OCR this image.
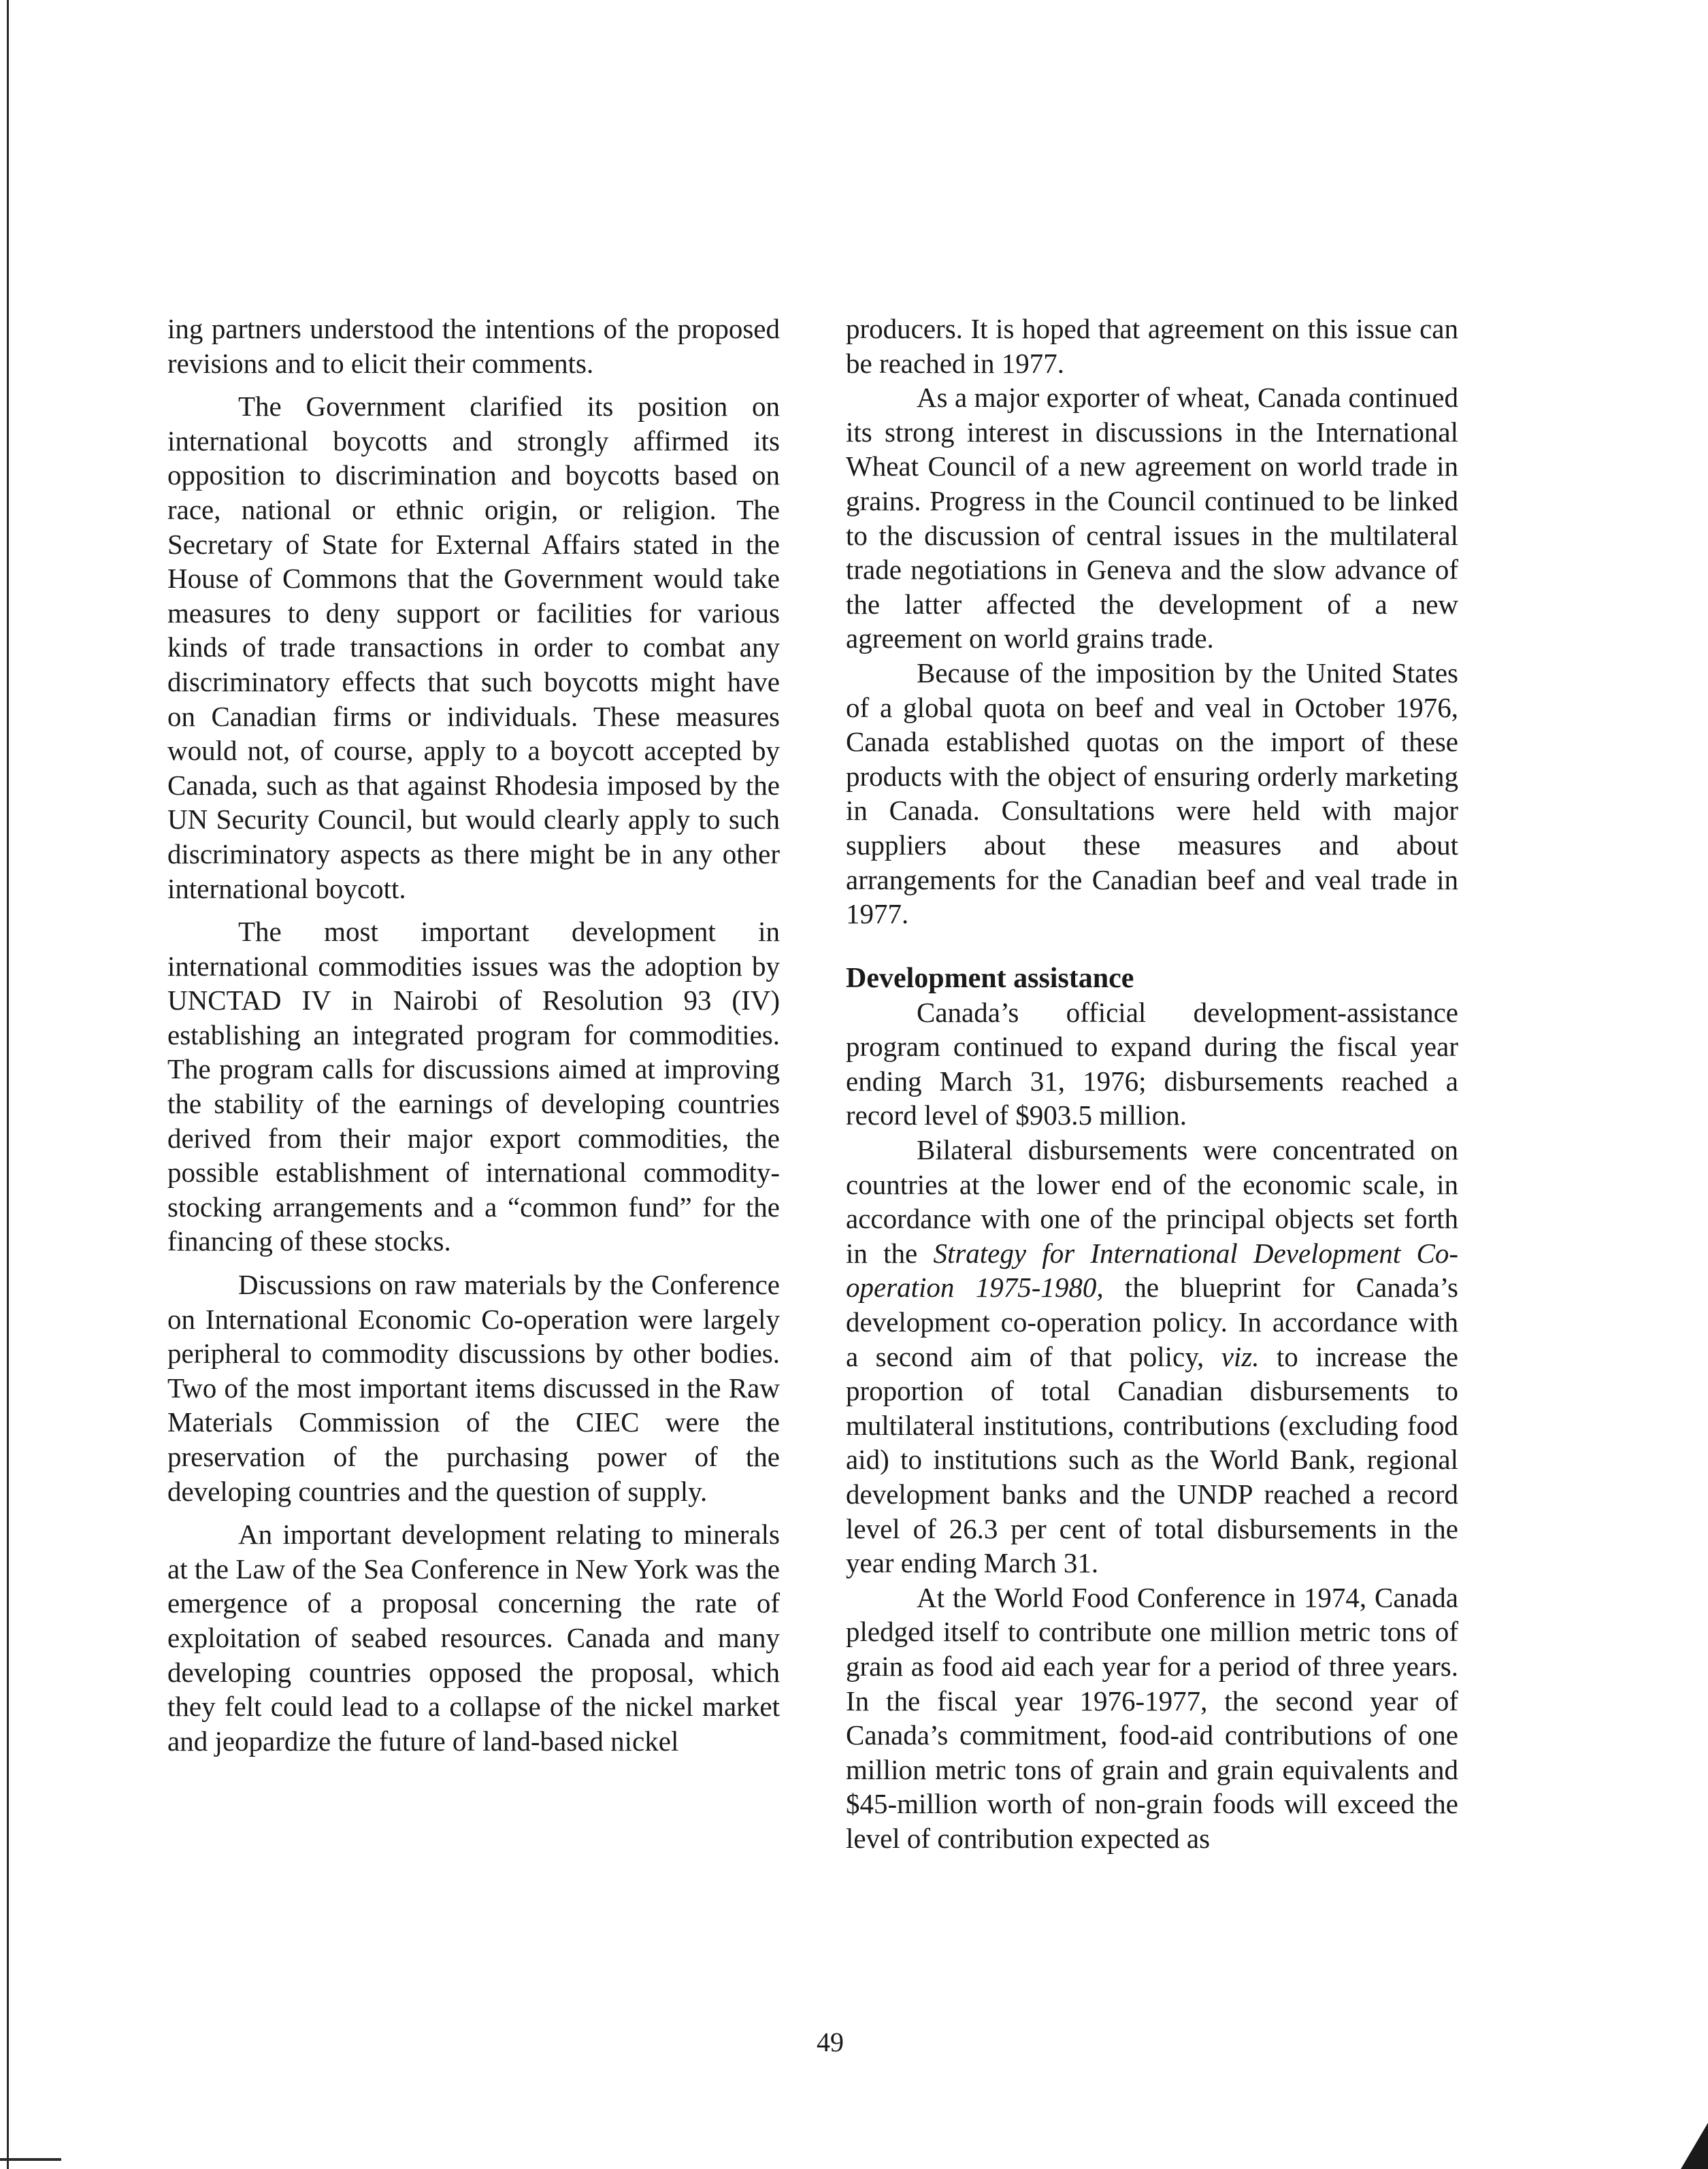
ing partners understood the intentions of the proposed revisions and to elicit their comments.

The Government clarified its position on international boycotts and strongly affirmed its opposition to discrimination and boycotts based on race, national or ethnic origin, or religion. The Secretary of State for External Affairs stated in the House of Commons that the Government would take measures to deny support or facilities for various kinds of trade transactions in order to combat any discriminatory effects that such boycotts might have on Canadian firms or individuals. These measures would not, of course, apply to a boycott accepted by Canada, such as that against Rhodesia imposed by the UN Security Council, but would clearly apply to such discriminatory aspects as there might be in any other international boycott.

The most important development in international commodities issues was the adoption by UNCTAD IV in Nairobi of Resolution 93 (IV) establishing an integrated program for commodities. The program calls for discussions aimed at improving the stability of the earnings of developing countries derived from their major export commodities, the possible establishment of international commodity-stocking arrangements and a “common fund” for the financing of these stocks.

Discussions on raw materials by the Conference on International Economic Co-operation were largely peripheral to commodity discussions by other bodies. Two of the most important items discussed in the Raw Materials Commission of the CIEC were the preservation of the purchasing power of the developing countries and the question of supply.

An important development relating to minerals at the Law of the Sea Conference in New York was the emergence of a proposal concerning the rate of exploitation of seabed resources. Canada and many developing countries opposed the proposal, which they felt could lead to a collapse of the nickel market and jeopardize the future of land-based nickel

producers. It is hoped that agreement on this issue can be reached in 1977.

As a major exporter of wheat, Canada continued its strong interest in discussions in the International Wheat Council of a new agreement on world trade in grains. Progress in the Council continued to be linked to the discussion of central issues in the multilateral trade negotiations in Geneva and the slow advance of the latter affected the development of a new agreement on world grains trade.

Because of the imposition by the United States of a global quota on beef and veal in October 1976, Canada established quotas on the import of these products with the object of ensuring orderly marketing in Canada. Consultations were held with major suppliers about these measures and about arrangements for the Canadian beef and veal trade in 1977.

Development assistance

Canada’s official development-assistance program continued to expand during the fiscal year ending March 31, 1976; disbursements reached a record level of $903.5 million.

Bilateral disbursements were concentrated on countries at the lower end of the economic scale, in accordance with one of the principal objects set forth in the Strategy for International Development Co-operation 1975-1980, the blueprint for Canada’s development co-operation policy. In accordance with a second aim of that policy, viz. to increase the proportion of total Canadian disbursements to multilateral institutions, contributions (excluding food aid) to institutions such as the World Bank, regional development banks and the UNDP reached a record level of 26.3 per cent of total disbursements in the year ending March 31.

At the World Food Conference in 1974, Canada pledged itself to contribute one million metric tons of grain as food aid each year for a period of three years. In the fiscal year 1976-1977, the second year of Canada’s commitment, food-aid contributions of one million metric tons of grain and grain equivalents and $45-million worth of non-grain foods will exceed the level of contribution expected as

49
